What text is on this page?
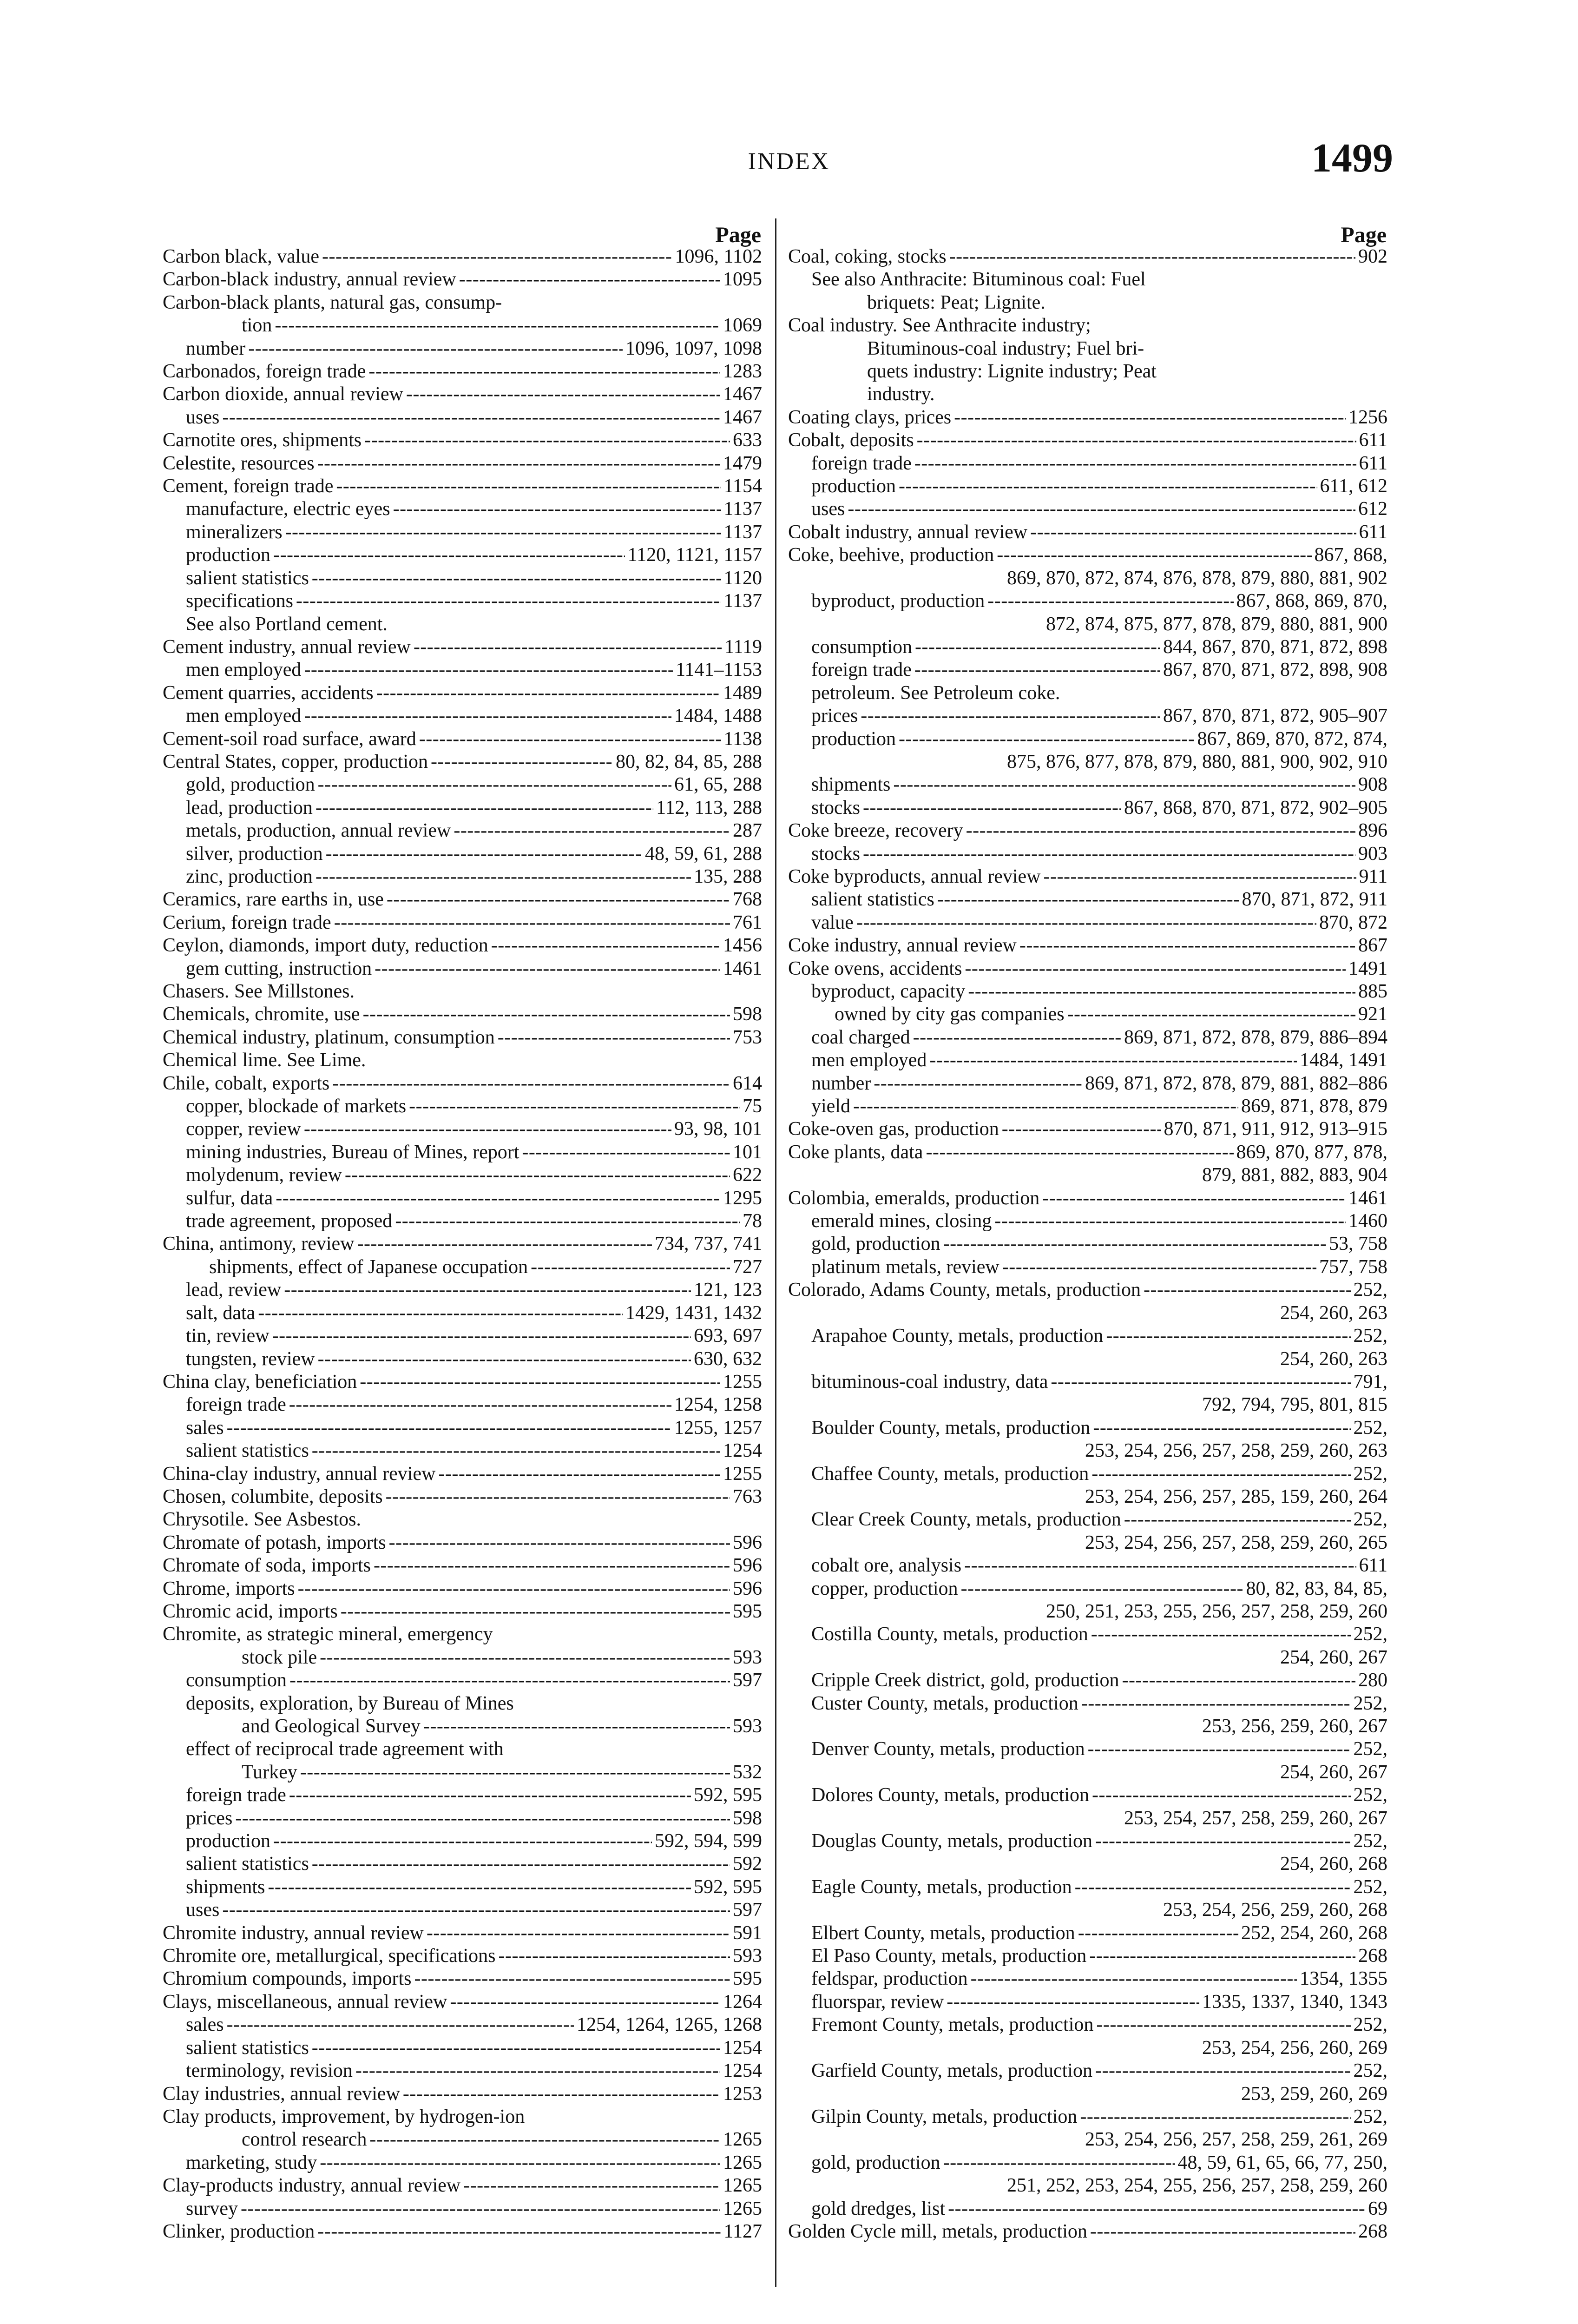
INDEX	1499
Page
Carbon black, value - - -	1096, 1102
Carbon-black industry, annual review - - -	1095
Carbon-black plants, natural gas, consump-
tion - - -	1069
number - - -	1096, 1097, 1098
Carbonados, foreign trade - - -	1283
Carbon dioxide, annual review - - -	1467
uses - - -	1467
Carnotite ores, shipments - - -	633
Celestite, resources - - -	1479
Cement, foreign trade - - -	1154
manufacture, electric eyes - - -	1137
mineralizers - - -	1137
production - - -	1120, 1121, 1157
salient statistics - - -	1120
specifications - - -	1137
See also Portland cement.
Cement industry, annual review - - -	1119
men employed - - -	1141–1153
Cement quarries, accidents - - -	1489
men employed - - -	1484, 1488
Cement-soil road surface, award - - -	1138
Central States, copper, production - - -	80, 82, 84, 85, 288
gold, production - - -	61, 65, 288
lead, production - - -	112, 113, 288
metals, production, annual review - - -	287
silver, production - - -	48, 59, 61, 288
zinc, production - - -	135, 288
Ceramics, rare earths in, use - - -	768
Cerium, foreign trade - - -	761
Ceylon, diamonds, import duty, reduction - - -	1456
gem cutting, instruction - - -	1461
Chasers. See Millstones.
Chemicals, chromite, use - - -	598
Chemical industry, platinum, consumption - - -	753
Chemical lime. See Lime.
Chile, cobalt, exports - - -	614
copper, blockade of markets - - -	75
copper, review - - -	93, 98, 101
mining industries, Bureau of Mines, report - - -	101
molydenum, review - - -	622
sulfur, data - - -	1295
trade agreement, proposed - - -	78
China, antimony, review - - -	734, 737, 741
shipments, effect of Japanese occupation - - -	727
lead, review - - -	121, 123
salt, data - - -	1429, 1431, 1432
tin, review - - -	693, 697
tungsten, review - - -	630, 632
China clay, beneficiation - - -	1255
foreign trade - - -	1254, 1258
sales - - -	1255, 1257
salient statistics - - -	1254
China-clay industry, annual review - - -	1255
Chosen, columbite, deposits - - -	763
Chrysotile. See Asbestos.
Chromate of potash, imports - - -	596
Chromate of soda, imports - - -	596
Chrome, imports - - -	596
Chromic acid, imports - - -	595
Chromite, as strategic mineral, emergency
stock pile - - -	593
consumption - - -	597
deposits, exploration, by Bureau of Mines
and Geological Survey - - -	593
effect of reciprocal trade agreement with
Turkey - - -	532
foreign trade - - -	592, 595
prices - - -	598
production - - -	592, 594, 599
salient statistics - - -	592
shipments - - -	592, 595
uses - - -	597
Chromite industry, annual review - - -	591
Chromite ore, metallurgical, specifications - - -	593
Chromium compounds, imports - - -	595
Clays, miscellaneous, annual review - - -	1264
sales - - -	1254, 1264, 1265, 1268
salient statistics - - -	1254
terminology, revision - - -	1254
Clay industries, annual review - - -	1253
Clay products, improvement, by hydrogen-ion
control research - - -	1265
marketing, study - - -	1265
Clay-products industry, annual review - - -	1265
survey - - -	1265
Clinker, production - - -	1127
Page
Coal, coking, stocks - - -	902
See also Anthracite: Bituminous coal: Fuel
briquets: Peat; Lignite.
Coal industry. See Anthracite industry;
Bituminous-coal industry; Fuel bri-
quets industry: Lignite industry; Peat
industry.
Coating clays, prices - - -	1256
Cobalt, deposits - - -	611
foreign trade - - -	611
production - - -	611, 612
uses - - -	612
Cobalt industry, annual review - - -	611
Coke, beehive, production - - -	867, 868,
869, 870, 872, 874, 876, 878, 879, 880, 881, 902
byproduct, production - - -	867, 868, 869, 870,
872, 874, 875, 877, 878, 879, 880, 881, 900
consumption - - -	844, 867, 870, 871, 872, 898
foreign trade - - -	867, 870, 871, 872, 898, 908
petroleum. See Petroleum coke.
prices - - -	867, 870, 871, 872, 905–907
production - - -	867, 869, 870, 872, 874,
875, 876, 877, 878, 879, 880, 881, 900, 902, 910
shipments - - -	908
stocks - - -	867, 868, 870, 871, 872, 902–905
Coke breeze, recovery - - -	896
stocks - - -	903
Coke byproducts, annual review - - -	911
salient statistics - - -	870, 871, 872, 911
value - - -	870, 872
Coke industry, annual review - - -	867
Coke ovens, accidents - - -	1491
byproduct, capacity - - -	885
owned by city gas companies - - -	921
coal charged - - -	869, 871, 872, 878, 879, 886–894
men employed - - -	1484, 1491
number - - -	869, 871, 872, 878, 879, 881, 882–886
yield - - -	869, 871, 878, 879
Coke-oven gas, production - - -	870, 871, 911, 912, 913–915
Coke plants, data - - -	869, 870, 877, 878,
879, 881, 882, 883, 904
Colombia, emeralds, production - - -	1461
emerald mines, closing - - -	1460
gold, production - - -	53, 758
platinum metals, review - - -	757, 758
Colorado, Adams County, metals, production - - -	252,
254, 260, 263
Arapahoe County, metals, production - - -	252,
254, 260, 263
bituminous-coal industry, data - - -	791,
792, 794, 795, 801, 815
Boulder County, metals, production - - -	252,
253, 254, 256, 257, 258, 259, 260, 263
Chaffee County, metals, production - - -	252,
253, 254, 256, 257, 285, 159, 260, 264
Clear Creek County, metals, production - - -	252,
253, 254, 256, 257, 258, 259, 260, 265
cobalt ore, analysis - - -	611
copper, production - - -	80, 82, 83, 84, 85,
250, 251, 253, 255, 256, 257, 258, 259, 260
Costilla County, metals, production - - -	252,
254, 260, 267
Cripple Creek district, gold, production - - -	280
Custer County, metals, production - - -	252,
253, 256, 259, 260, 267
Denver County, metals, production - - -	252,
254, 260, 267
Dolores County, metals, production - - -	252,
253, 254, 257, 258, 259, 260, 267
Douglas County, metals, production - - -	252,
254, 260, 268
Eagle County, metals, production - - -	252,
253, 254, 256, 259, 260, 268
Elbert County, metals, production - - -	252, 254, 260, 268
El Paso County, metals, production - - -	268
feldspar, production - - -	1354, 1355
fluorspar, review - - -	1335, 1337, 1340, 1343
Fremont County, metals, production - - -	252,
253, 254, 256, 260, 269
Garfield County, metals, production - - -	252,
253, 259, 260, 269
Gilpin County, metals, production - - -	252,
253, 254, 256, 257, 258, 259, 261, 269
gold, production - - -	48, 59, 61, 65, 66, 77, 250,
251, 252, 253, 254, 255, 256, 257, 258, 259, 260
gold dredges, list - - -	69
Golden Cycle mill, metals, production - - -	268
